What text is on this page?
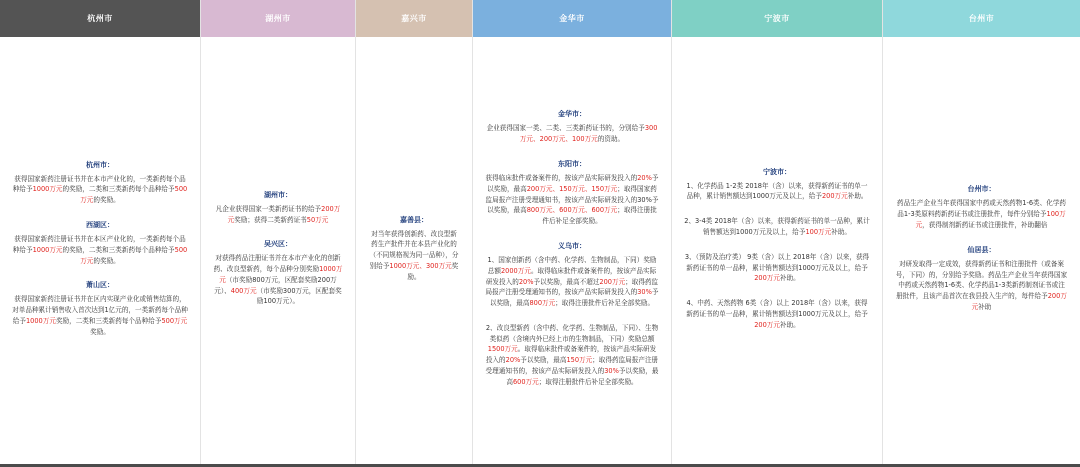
杭州市
杭州市：
获得国家新药注册证书并在本市产业化的，一类新药每个品种给予1000万元的奖励，二类和三类新药每个品种给予500万元的奖励。
西湖区：
获得国家新药注册证书并在本区产业化的，一类新药每个品种给予1000万元的奖励，二类和三类新药每个品种给予500万元的奖励。
萧山区：
获得国家新药注册证书并在区内实现产业化或销售结算的，对单品种累计销售收入首次达到1亿元的，一类新药每个品种给予1000万元奖励，二类和三类新药每个品种给予500万元奖励。
湖州市
湖州市：
凡企业获得国家一类新药证书的给予200万元奖励；获得二类新药证书50万元
吴兴区：
对获得药品注册证书并在本市产业化的创新药、改良型新药，每个品种分别奖励1000万元（市奖励800万元，区配套奖励200万元）、400万元（市奖励300万元，区配套奖励100万元）。
嘉兴市
嘉善县：
对当年获得创新药、改良型新药生产批件并在本县产业化的（不同规格视为同一品种），分别给予1000万元、300万元奖励。
金华市
金华市：
企业获得国家一类、二类、三类新药证书的，分别给予300万元、200万元、100万元的资助。
东阳市：
获得临床批件或备案件的，按该产品实际研发投入的20%予以奖励，最高200万元、150万元、150万元；取得国家药监局报产注册受理通知书，按该产品实际研发投入的30%予以奖励，最高800万元、600万元、600万元；取得注册批件后补足全部奖励。
义乌市：
1、国家创新药（含中药、化学药、生物制品，下同）奖励总额2000万元。取得临床批件或备案件的，按该产品实际研发投入的20%予以奖励，最高不超过200万元；取得药监局报产注册受理通知书的，按该产品实际研发投入的30%予以奖励，最高800万元；取得注册批件后补足全部奖励。
2、改良型新药（含中药、化学药、生物制品，下同）、生物类似药（含境内外已经上市的生物制品，下同）奖励总额1500万元。取得临床批件或备案件的，按该产品实际研发投入的20%予以奖励，最高150万元；取得药监局报产注册受理通知书的，按该产品实际研发投入的30%予以奖励，最高600万元；取得注册批件后补足全部奖励。
宁波市
宁波市：
1、化学药品 1-2类 2018年（含）以来，获得新药证书的单一品种，累计销售额达到1000万元及以上，给予200万元补助。
2、3-4类 2018年（含）以来，获得新药证书的单一品种，累计销售额达到1000万元及以上，给予100万元补助。
3、（预防及治疗类） 9类（含）以上 2018年（含）以来，获得新药证书的单一品种，累计销售额达到1000万元及以上，给予200万元补助。
4、中药、天然药物 6类（含）以上 2018年（含）以来，获得新药证书的单一品种，累计销售额达到1000万元及以上，给予200万元补助。
台州市
台州市：
药品生产企业当年获得国家中药或天然药物1-6类、化学药品1-3类原料药新药证书或注册批件，每件分别给予100万元，获得制剂新药证书或注册批件，补助翻倍
仙居县：
对研发取得一定成效，获得新药证书和注册批件（或备案号，下同）的，分别给予奖励。药品生产企业当年获得国家中药或天然药物1-6类、化学药品1-3类新药制剂证书或注册批件，且该产品首次在我县投入生产的，每件给予200万元补助
